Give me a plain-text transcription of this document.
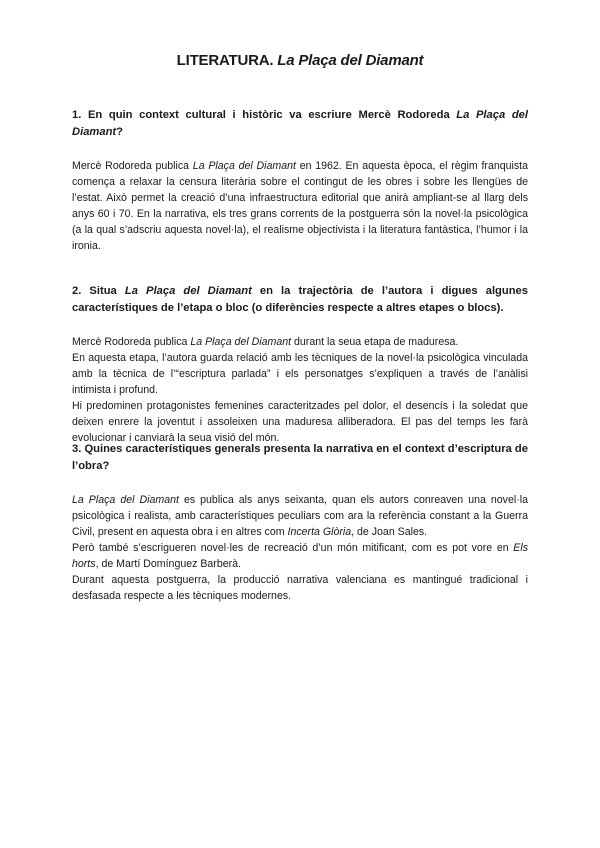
LITERATURA. La Plaça del Diamant

1. En quin context cultural i històric va escriure Mercè Rodoreda La Plaça del Diamant?

Mercè Rodoreda publica La Plaça del Diamant en 1962. En aquesta època, el règim franquista comença a relaxar la censura literària sobre el contingut de les obres i sobre les llengües de l’estat. Això permet la creació d’una infraestructura editorial que anirà ampliant-se al llarg dels anys 60 i 70. En la narrativa, els tres grans corrents de la postguerra són la novel·la psicològica (a la qual s’adscriu aquesta novel·la), el realisme objectivista i la literatura fantàstica, l’humor i la ironia.

2. Situa La Plaça del Diamant en la trajectòria de l’autora i digues algunes característiques de l’etapa o bloc (o diferències respecte a altres etapes o blocs).

Mercè Rodoreda publica La Plaça del Diamant durant la seua etapa de maduresa.

En aquesta etapa, l’autora guarda relació amb les tècniques de la novel·la psicològica vinculada amb la tècnica de l’“escriptura parlada” i els personatges s’expliquen a través de l’anàlisi intimista i profund.

Hi predominen protagonistes femenines caracteritzades pel dolor, el desencís i la soledat que deixen enrere la joventut i assoleixen una maduresa alliberadora. El pas del temps les farà evolucionar i canviarà la seua visió del món.

3. Quines característiques generals presenta la narrativa en el context d’escriptura de l’obra?

La Plaça del Diamant es publica als anys seixanta, quan els autors conreaven una novel·la psicològica i realista, amb característiques peculiars com ara la referència constant a la Guerra Civil, present en aquesta obra i en altres com Incerta Glòria, de Joan Sales.

Però també s’escrigueren novel·les de recreació d’un món mitificant, com es pot vore en Els horts, de Martí Domínguez Barberà.

Durant aquesta postguerra, la producció narrativa valenciana es mantingué tradicional i desfasada respecte a les tècniques modernes.
